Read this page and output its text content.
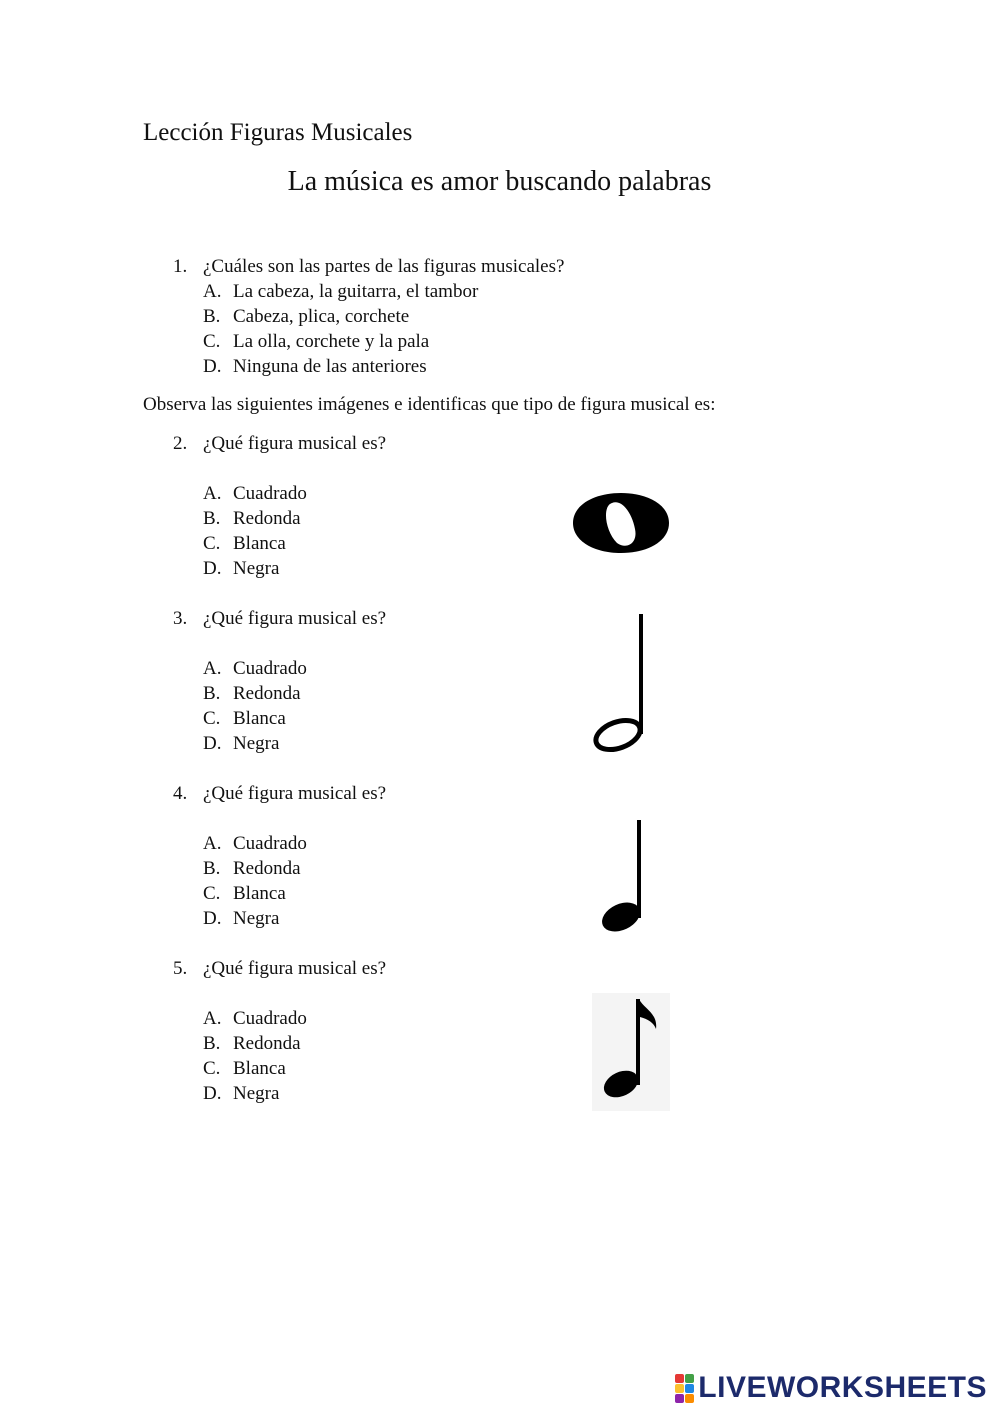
Lección Figuras Musicales
La música es amor buscando palabras
1. ¿Cuáles son las partes de las figuras musicales?
A. La cabeza, la guitarra, el tambor
B. Cabeza, plica, corchete
C. La olla, corchete y la pala
D. Ninguna de las anteriores
Observa las siguientes imágenes e identificas que tipo de figura musical es:
2. ¿Qué figura musical es?
A. Cuadrado
B. Redonda
C. Blanca
D. Negra
3. ¿Qué figura musical es?
A. Cuadrado
B. Redonda
C. Blanca
D. Negra
4. ¿Qué figura musical es?
A. Cuadrado
B. Redonda
C. Blanca
D. Negra
5. ¿Qué figura musical es?
A. Cuadrado
B. Redonda
C. Blanca
D. Negra
LIVEWORKSHEETS
